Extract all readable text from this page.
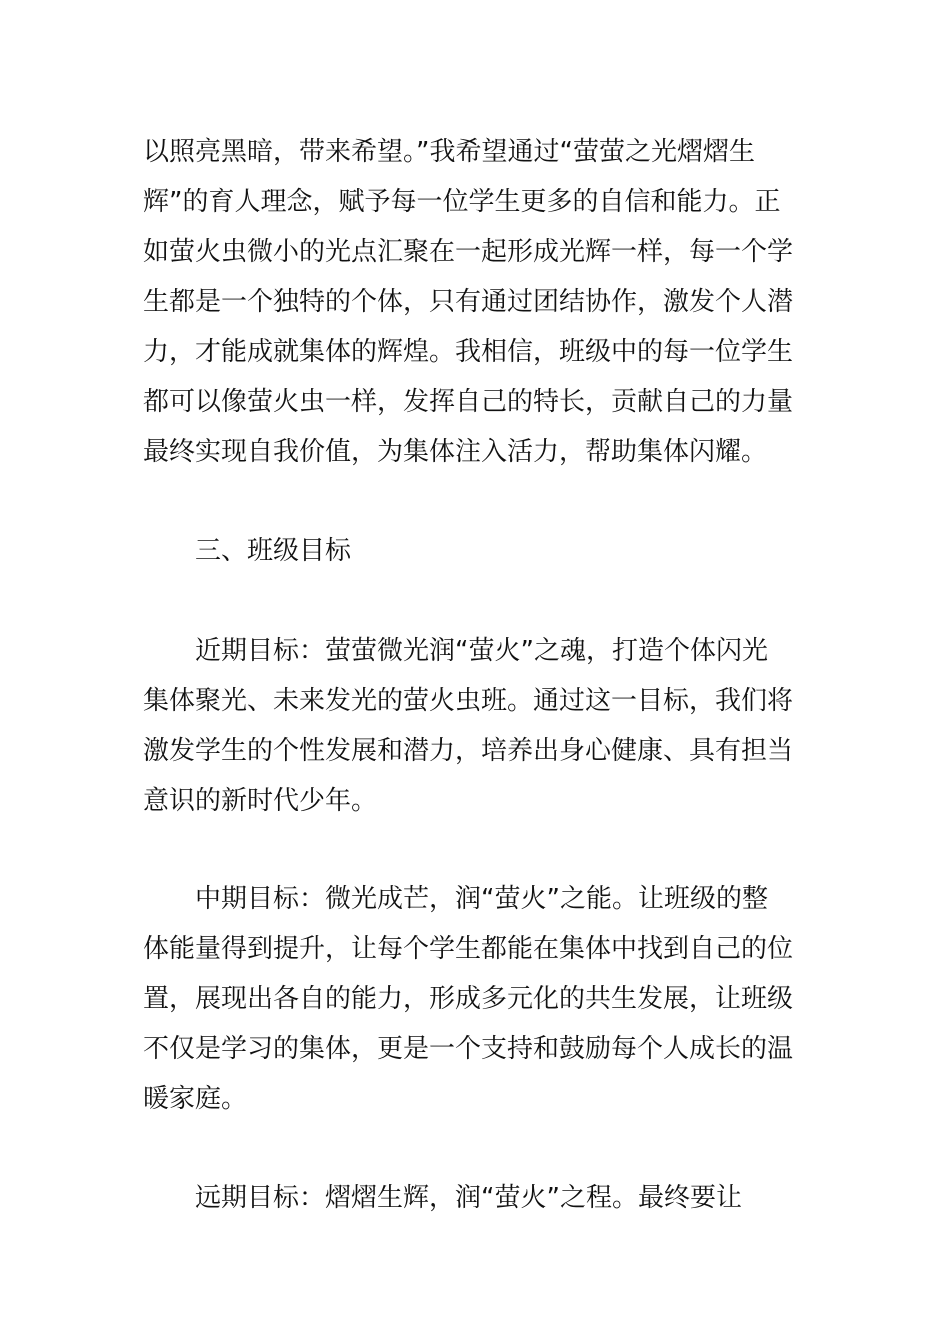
以照亮黑暗，带来希望。”我希望通过“萤萤之光熠熠生
辉”的育人理念，赋予每一位学生更多的自信和能力。正
如萤火虫微小的光点汇聚在一起形成光辉一样，每一个学
生都是一个独特的个体，只有通过团结协作，激发个人潜
力，才能成就集体的辉煌。我相信，班级中的每一位学生
都可以像萤火虫一样，发挥自己的特长，贡献自己的力量
最终实现自我价值，为集体注入活力，帮助集体闪耀。
三、班级目标
近期目标：萤萤微光润“萤火”之魂，打造个体闪光
集体聚光、未来发光的萤火虫班。通过这一目标，我们将
激发学生的个性发展和潜力，培养出身心健康、具有担当
意识的新时代少年。
中期目标：微光成芒，润“萤火”之能。让班级的整
体能量得到提升，让每个学生都能在集体中找到自己的位
置，展现出各自的能力，形成多元化的共生发展，让班级
不仅是学习的集体，更是一个支持和鼓励每个人成长的温
暖家庭。
远期目标：熠熠生辉，润“萤火”之程。最终要让
